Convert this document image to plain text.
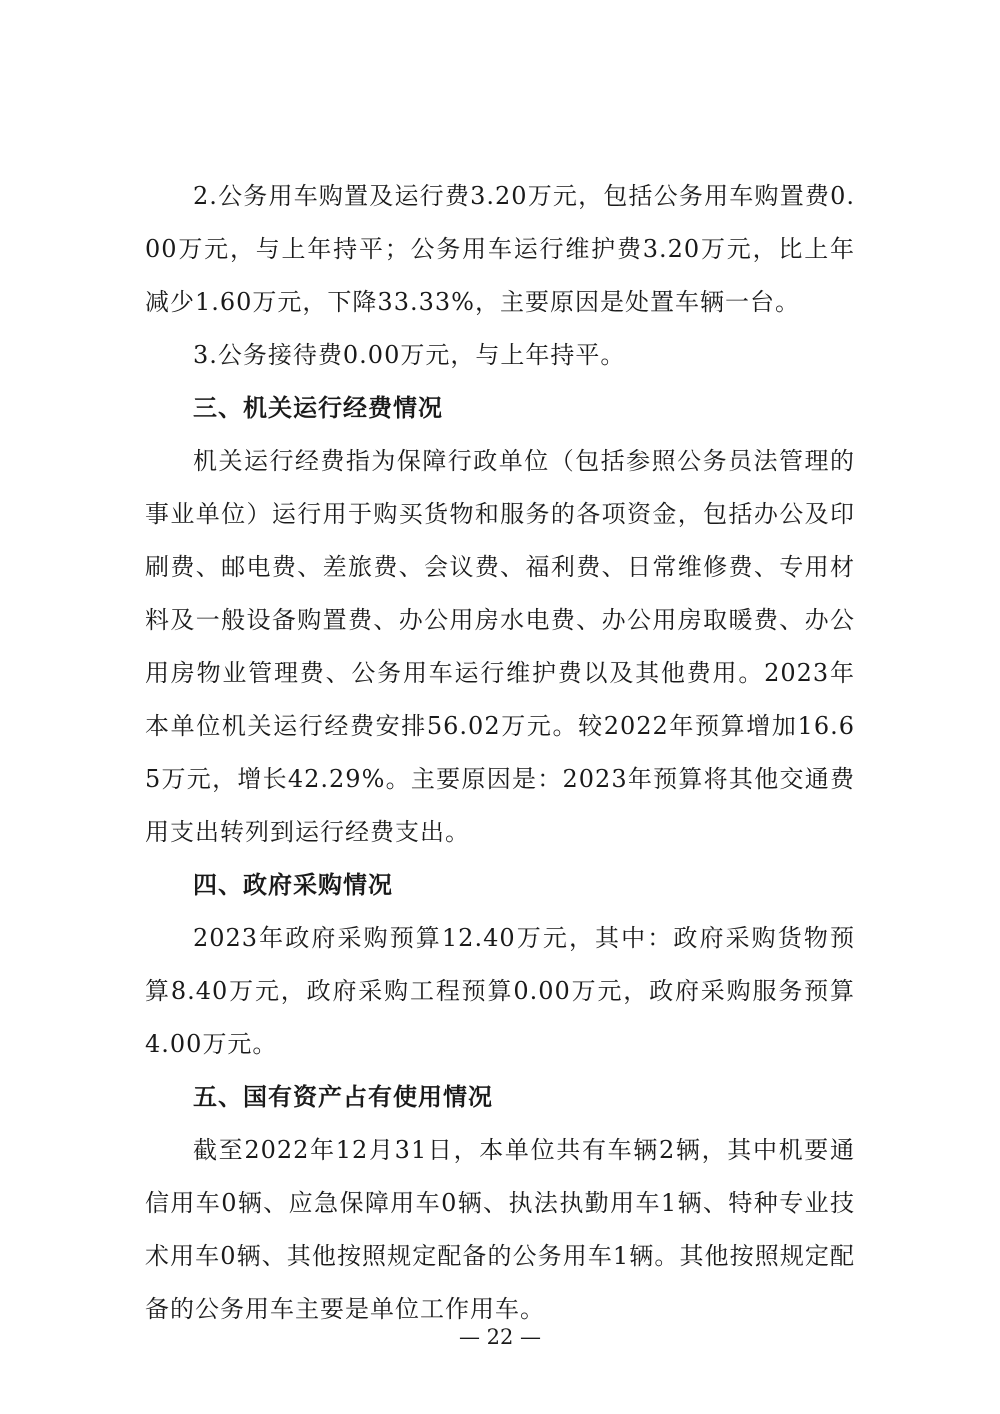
2.公务用车购置及运行费3.20万元，包括公务用车购置费0.00万元，与上年持平；公务用车运行维护费3.20万元，比上年减少1.60万元，下降33.33%，主要原因是处置车辆一台。

3.公务接待费0.00万元，与上年持平。

三、机关运行经费情况

机关运行经费指为保障行政单位（包括参照公务员法管理的事业单位）运行用于购买货物和服务的各项资金，包括办公及印刷费、邮电费、差旅费、会议费、福利费、日常维修费、专用材料及一般设备购置费、办公用房水电费、办公用房取暖费、办公用房物业管理费、公务用车运行维护费以及其他费用。2023年本单位机关运行经费安排56.02万元。较2022年预算增加16.65万元，增长42.29%。主要原因是：2023年预算将其他交通费用支出转列到运行经费支出。

四、政府采购情况

2023年政府采购预算12.40万元，其中：政府采购货物预算8.40万元，政府采购工程预算0.00万元，政府采购服务预算4.00万元。

五、国有资产占有使用情况

截至2022年12月31日，本单位共有车辆2辆，其中机要通信用车0辆、应急保障用车0辆、执法执勤用车1辆、特种专业技术用车0辆、其他按照规定配备的公务用车1辆。其他按照规定配备的公务用车主要是单位工作用车。

— 22 —
